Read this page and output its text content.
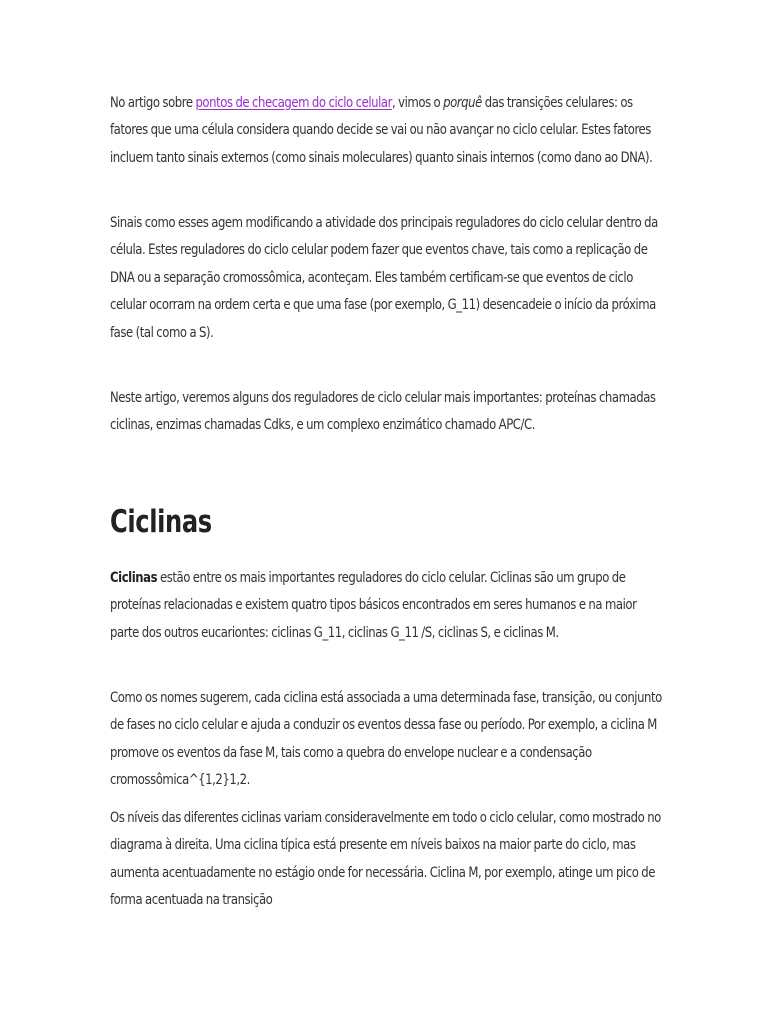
No artigo sobre pontos de checagem do ciclo celular, vimos o porquê das transições celulares: os fatores que uma célula considera quando decide se vai ou não avançar no ciclo celular. Estes fatores incluem tanto sinais externos (como sinais moleculares) quanto sinais internos (como dano ao DNA).

Sinais como esses agem modificando a atividade dos principais reguladores do ciclo celular dentro da célula. Estes reguladores do ciclo celular podem fazer que eventos chave, tais como a replicação de DNA ou a separação cromossômica, aconteçam. Eles também certificam-se que eventos de ciclo celular ocorram na ordem certa e que uma fase (por exemplo, G_11) desencadeie o início da próxima fase (tal como a S).

Neste artigo, veremos alguns dos reguladores de ciclo celular mais importantes: proteínas chamadas ciclinas, enzimas chamadas Cdks, e um complexo enzimático chamado APC/C.

Ciclinas

Ciclinas estão entre os mais importantes reguladores do ciclo celular. Ciclinas são um grupo de proteínas relacionadas e existem quatro tipos básicos encontrados em seres humanos e na maior parte dos outros eucariontes: ciclinas G_11, ciclinas G_11 /S, ciclinas S, e ciclinas M.

Como os nomes sugerem, cada ciclina está associada a uma determinada fase, transição, ou conjunto de fases no ciclo celular e ajuda a conduzir os eventos dessa fase ou período. Por exemplo, a ciclina M promove os eventos da fase M, tais como a quebra do envelope nuclear e a condensação cromossômica^{1,2}1,2.

Os níveis das diferentes ciclinas variam consideravelmente em todo o ciclo celular, como mostrado no diagrama à direita. Uma ciclina típica está presente em níveis baixos na maior parte do ciclo, mas aumenta acentuadamente no estágio onde for necessária. Ciclina M, por exemplo, atinge um pico de forma acentuada na transição
